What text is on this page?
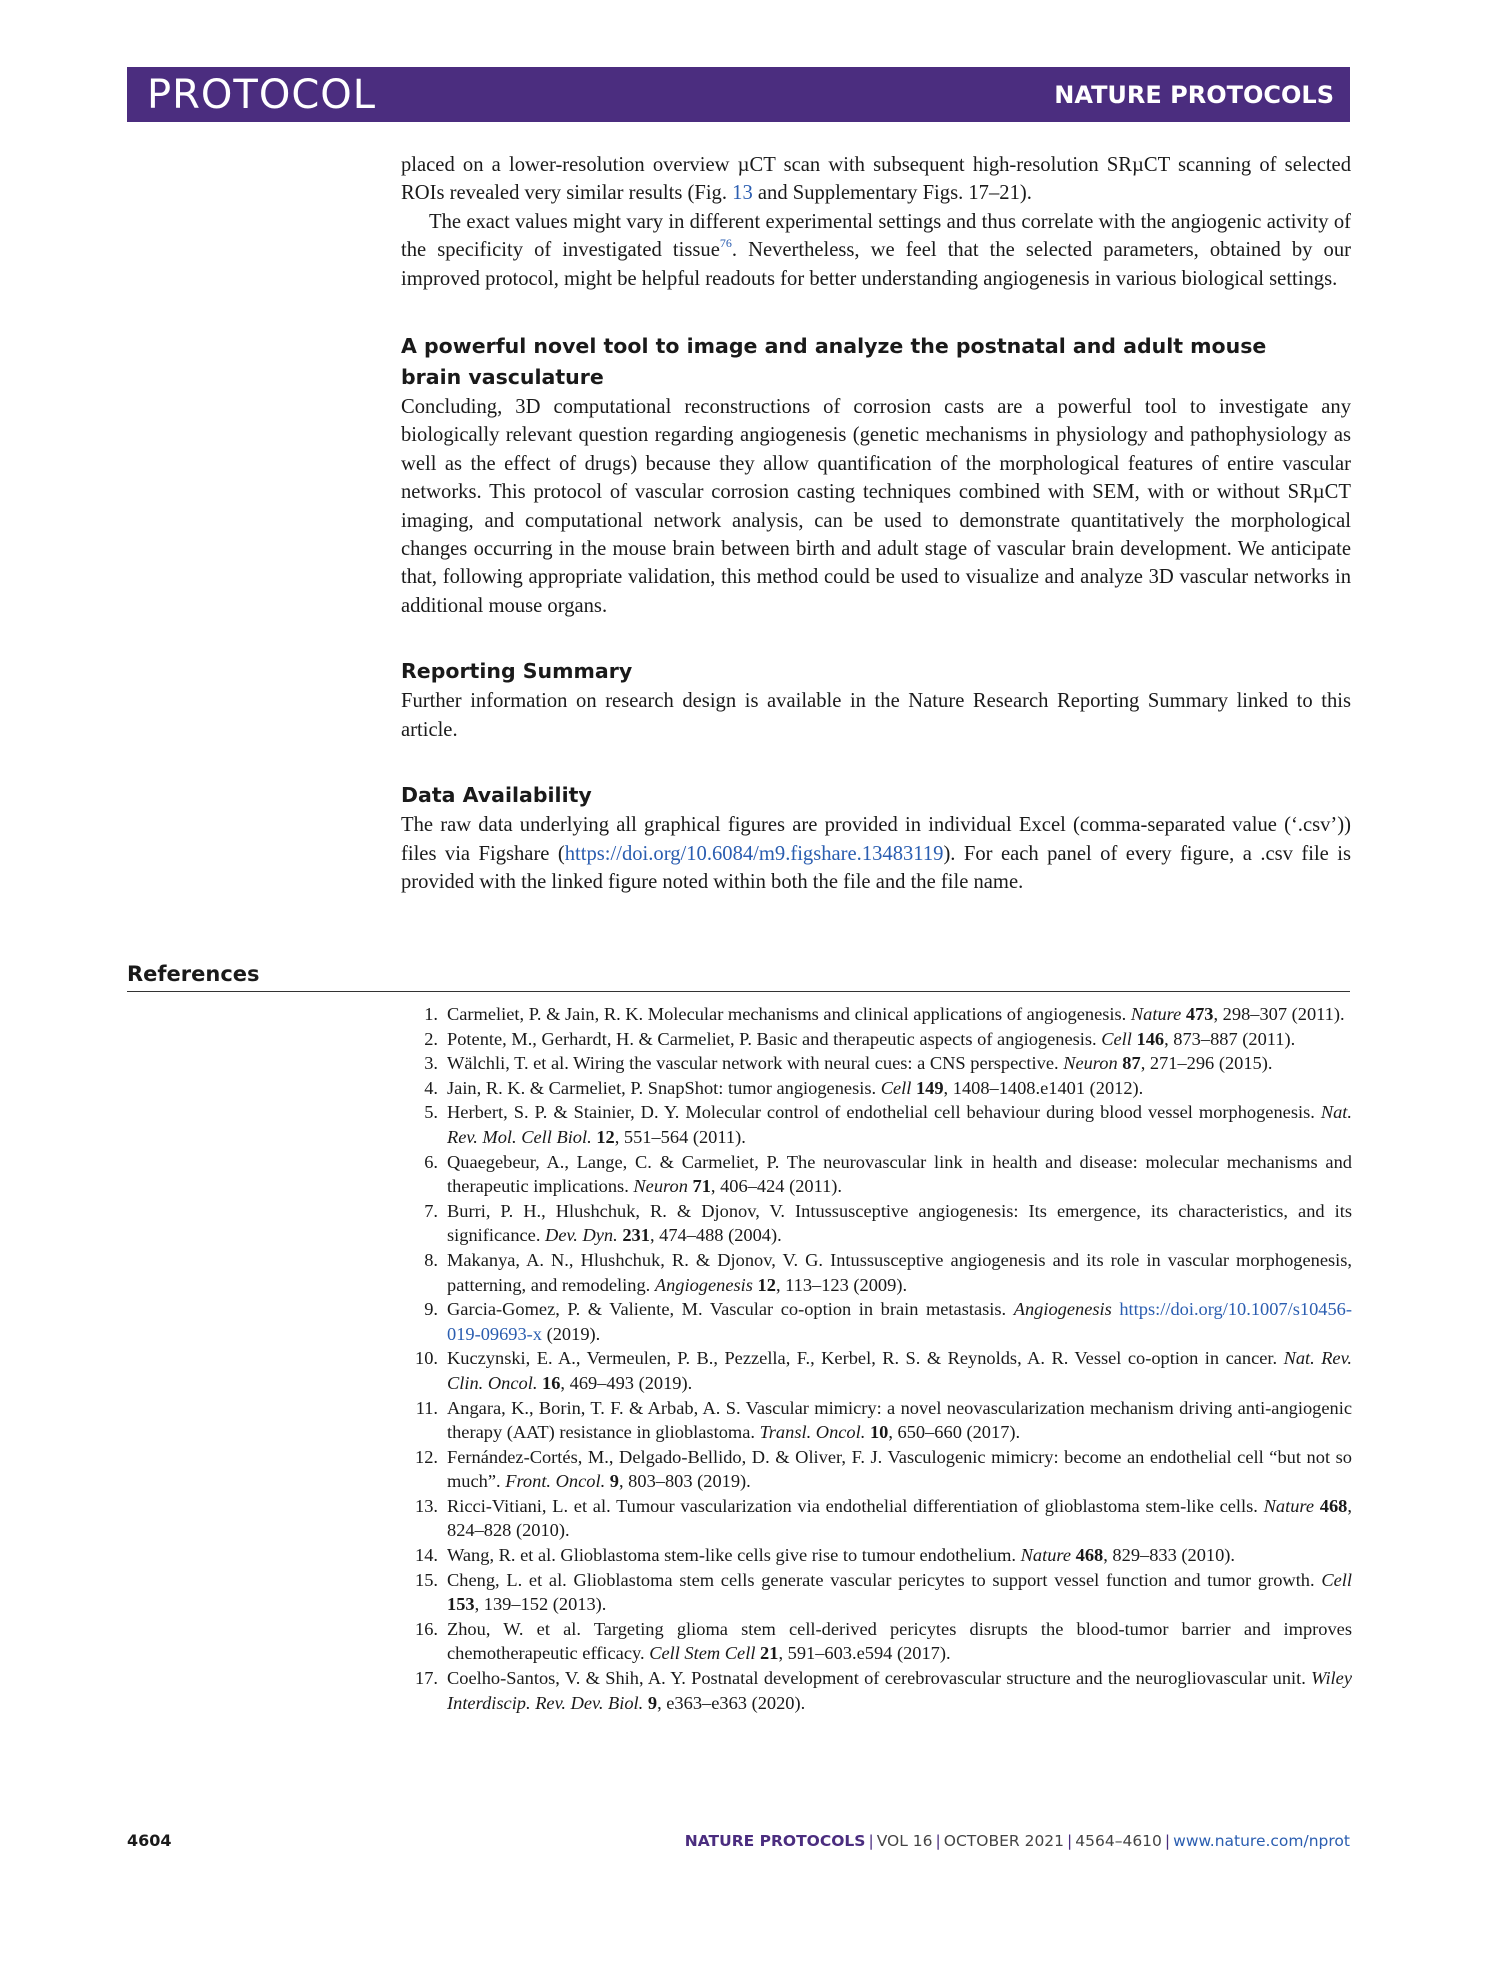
PROTOCOL	NATURE PROTOCOLS

placed on a lower-resolution overview µCT scan with subsequent high-resolution SRµCT scanning of selected ROIs revealed very similar results (Fig. 13 and Supplementary Figs. 17–21).

The exact values might vary in different experimental settings and thus correlate with the angiogenic activity of the specificity of investigated tissue$^{76}$. Nevertheless, we feel that the selected parameters, obtained by our improved protocol, might be helpful readouts for better understanding angiogenesis in various biological settings.

A powerful novel tool to image and analyze the postnatal and adult mouse brain vasculature

Concluding, 3D computational reconstructions of corrosion casts are a powerful tool to investigate any biologically relevant question regarding angiogenesis (genetic mechanisms in physiology and pathophysiology as well as the effect of drugs) because they allow quantification of the morphological features of entire vascular networks. This protocol of vascular corrosion casting techniques combined with SEM, with or without SRµCT imaging, and computational network analysis, can be used to demonstrate quantitatively the morphological changes occurring in the mouse brain between birth and adult stage of vascular brain development. We anticipate that, following appropriate validation, this method could be used to visualize and analyze 3D vascular networks in additional mouse organs.

Reporting Summary

Further information on research design is available in the Nature Research Reporting Summary linked to this article.

Data Availability

The raw data underlying all graphical figures are provided in individual Excel (comma-separated value (‘.csv’)) files via Figshare (https://doi.org/10.6084/m9.figshare.13483119). For each panel of every figure, a .csv file is provided with the linked figure noted within both the file and the file name.

References
1. Carmeliet, P. & Jain, R. K. Molecular mechanisms and clinical applications of angiogenesis. Nature 473, 298–307 (2011).
2. Potente, M., Gerhardt, H. & Carmeliet, P. Basic and therapeutic aspects of angiogenesis. Cell 146, 873–887 (2011).
3. Wälchli, T. et al. Wiring the vascular network with neural cues: a CNS perspective. Neuron 87, 271–296 (2015).
4. Jain, R. K. & Carmeliet, P. SnapShot: tumor angiogenesis. Cell 149, 1408–1408.e1401 (2012).
5. Herbert, S. P. & Stainier, D. Y. Molecular control of endothelial cell behaviour during blood vessel morphogenesis. Nat. Rev. Mol. Cell Biol. 12, 551–564 (2011).
6. Quaegebeur, A., Lange, C. & Carmeliet, P. The neurovascular link in health and disease: molecular mechanisms and therapeutic implications. Neuron 71, 406–424 (2011).
7. Burri, P. H., Hlushchuk, R. & Djonov, V. Intussusceptive angiogenesis: Its emergence, its characteristics, and its significance. Dev. Dyn. 231, 474–488 (2004).
8. Makanya, A. N., Hlushchuk, R. & Djonov, V. G. Intussusceptive angiogenesis and its role in vascular morphogenesis, patterning, and remodeling. Angiogenesis 12, 113–123 (2009).
9. Garcia-Gomez, P. & Valiente, M. Vascular co-option in brain metastasis. Angiogenesis https://doi.org/10.1007/s10456-019-09693-x (2019).
10. Kuczynski, E. A., Vermeulen, P. B., Pezzella, F., Kerbel, R. S. & Reynolds, A. R. Vessel co-option in cancer. Nat. Rev. Clin. Oncol. 16, 469–493 (2019).
11. Angara, K., Borin, T. F. & Arbab, A. S. Vascular mimicry: a novel neovascularization mechanism driving anti-angiogenic therapy (AAT) resistance in glioblastoma. Transl. Oncol. 10, 650–660 (2017).
12. Fernández-Cortés, M., Delgado-Bellido, D. & Oliver, F. J. Vasculogenic mimicry: become an endothelial cell “but not so much”. Front. Oncol. 9, 803–803 (2019).
13. Ricci-Vitiani, L. et al. Tumour vascularization via endothelial differentiation of glioblastoma stem-like cells. Nature 468, 824–828 (2010).
14. Wang, R. et al. Glioblastoma stem-like cells give rise to tumour endothelium. Nature 468, 829–833 (2010).
15. Cheng, L. et al. Glioblastoma stem cells generate vascular pericytes to support vessel function and tumor growth. Cell 153, 139–152 (2013).
16. Zhou, W. et al. Targeting glioma stem cell-derived pericytes disrupts the blood-tumor barrier and improves chemotherapeutic efficacy. Cell Stem Cell 21, 591–603.e594 (2017).
17. Coelho-Santos, V. & Shih, A. Y. Postnatal development of cerebrovascular structure and the neurogliovascular unit. Wiley Interdiscip. Rev. Dev. Biol. 9, e363–e363 (2020).
4604	NATURE PROTOCOLS | VOL 16 | OCTOBER 2021 | 4564–4610 | www.nature.com/nprot
